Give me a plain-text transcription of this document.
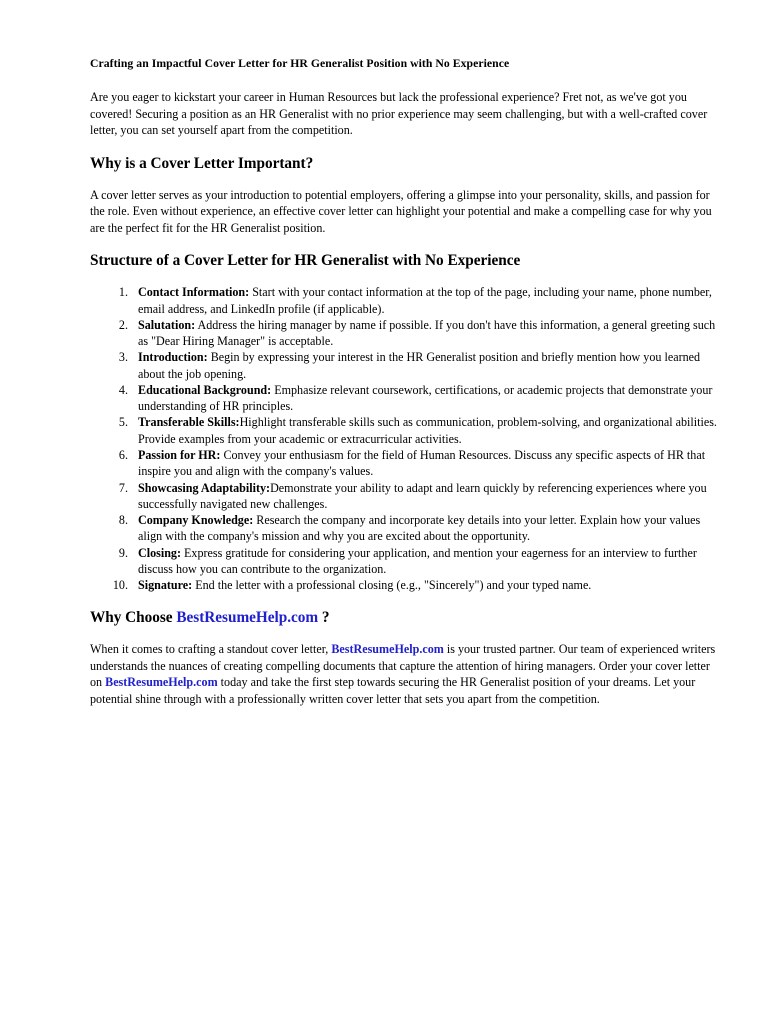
Crafting an Impactful Cover Letter for HR Generalist Position with No Experience

Are you eager to kickstart your career in Human Resources but lack the professional experience? Fret not, as we've got you covered! Securing a position as an HR Generalist with no prior experience may seem challenging, but with a well-crafted cover letter, you can set yourself apart from the competition.

Why is a Cover Letter Important?

A cover letter serves as your introduction to potential employers, offering a glimpse into your personality, skills, and passion for the role. Even without experience, an effective cover letter can highlight your potential and make a compelling case for why you are the perfect fit for the HR Generalist position.

Structure of a Cover Letter for HR Generalist with No Experience
Contact Information: Start with your contact information at the top of the page, including your name, phone number, email address, and LinkedIn profile (if applicable).
Salutation: Address the hiring manager by name if possible. If you don't have this information, a general greeting such as "Dear Hiring Manager" is acceptable.
Introduction: Begin by expressing your interest in the HR Generalist position and briefly mention how you learned about the job opening.
Educational Background: Emphasize relevant coursework, certifications, or academic projects that demonstrate your understanding of HR principles.
Transferable Skills:Highlight transferable skills such as communication, problem-solving, and organizational abilities. Provide examples from your academic or extracurricular activities.
Passion for HR: Convey your enthusiasm for the field of Human Resources. Discuss any specific aspects of HR that inspire you and align with the company's values.
Showcasing Adaptability:Demonstrate your ability to adapt and learn quickly by referencing experiences where you successfully navigated new challenges.
Company Knowledge: Research the company and incorporate key details into your letter. Explain how your values align with the company's mission and why you are excited about the opportunity.
Closing: Express gratitude for considering your application, and mention your eagerness for an interview to further discuss how you can contribute to the organization.
Signature: End the letter with a professional closing (e.g., "Sincerely") and your typed name.
Why Choose BestResumeHelp.com ?

When it comes to crafting a standout cover letter, BestResumeHelp.com is your trusted partner. Our team of experienced writers understands the nuances of creating compelling documents that capture the attention of hiring managers. Order your cover letter on BestResumeHelp.com today and take the first step towards securing the HR Generalist position of your dreams. Let your potential shine through with a professionally written cover letter that sets you apart from the competition.
